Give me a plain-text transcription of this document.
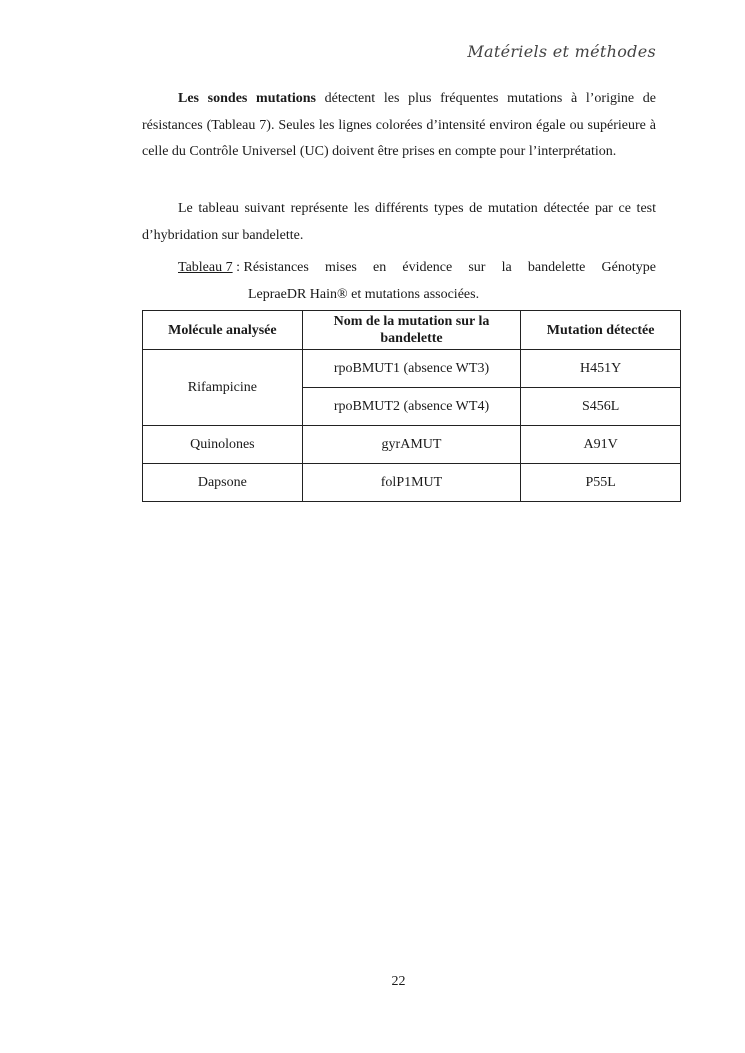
Matériels et méthodes

Les sondes mutations détectent les plus fréquentes mutations à l’origine de résistances (Tableau 7). Seules les lignes colorées d’intensité environ égale ou supérieure à celle du Contrôle Universel (UC) doivent être prises en compte pour l’interprétation.

Le tableau suivant représente les différents types de mutation détectée par ce test d’hybridation sur bandelette.

Tableau 7 : Résistances mises en évidence sur la bandelette Génotype
LepraeDR Hain® et mutations associées.
Molécule analysée	Nom de la mutation sur la bandelette	Mutation détectée
Rifampicine	rpoBMUT1 (absence WT3)	H451Y
	rpoBMUT2 (absence WT4)	S456L
Quinolones	gyrAMUT	A91V
Dapsone	folP1MUT	P55L
22
